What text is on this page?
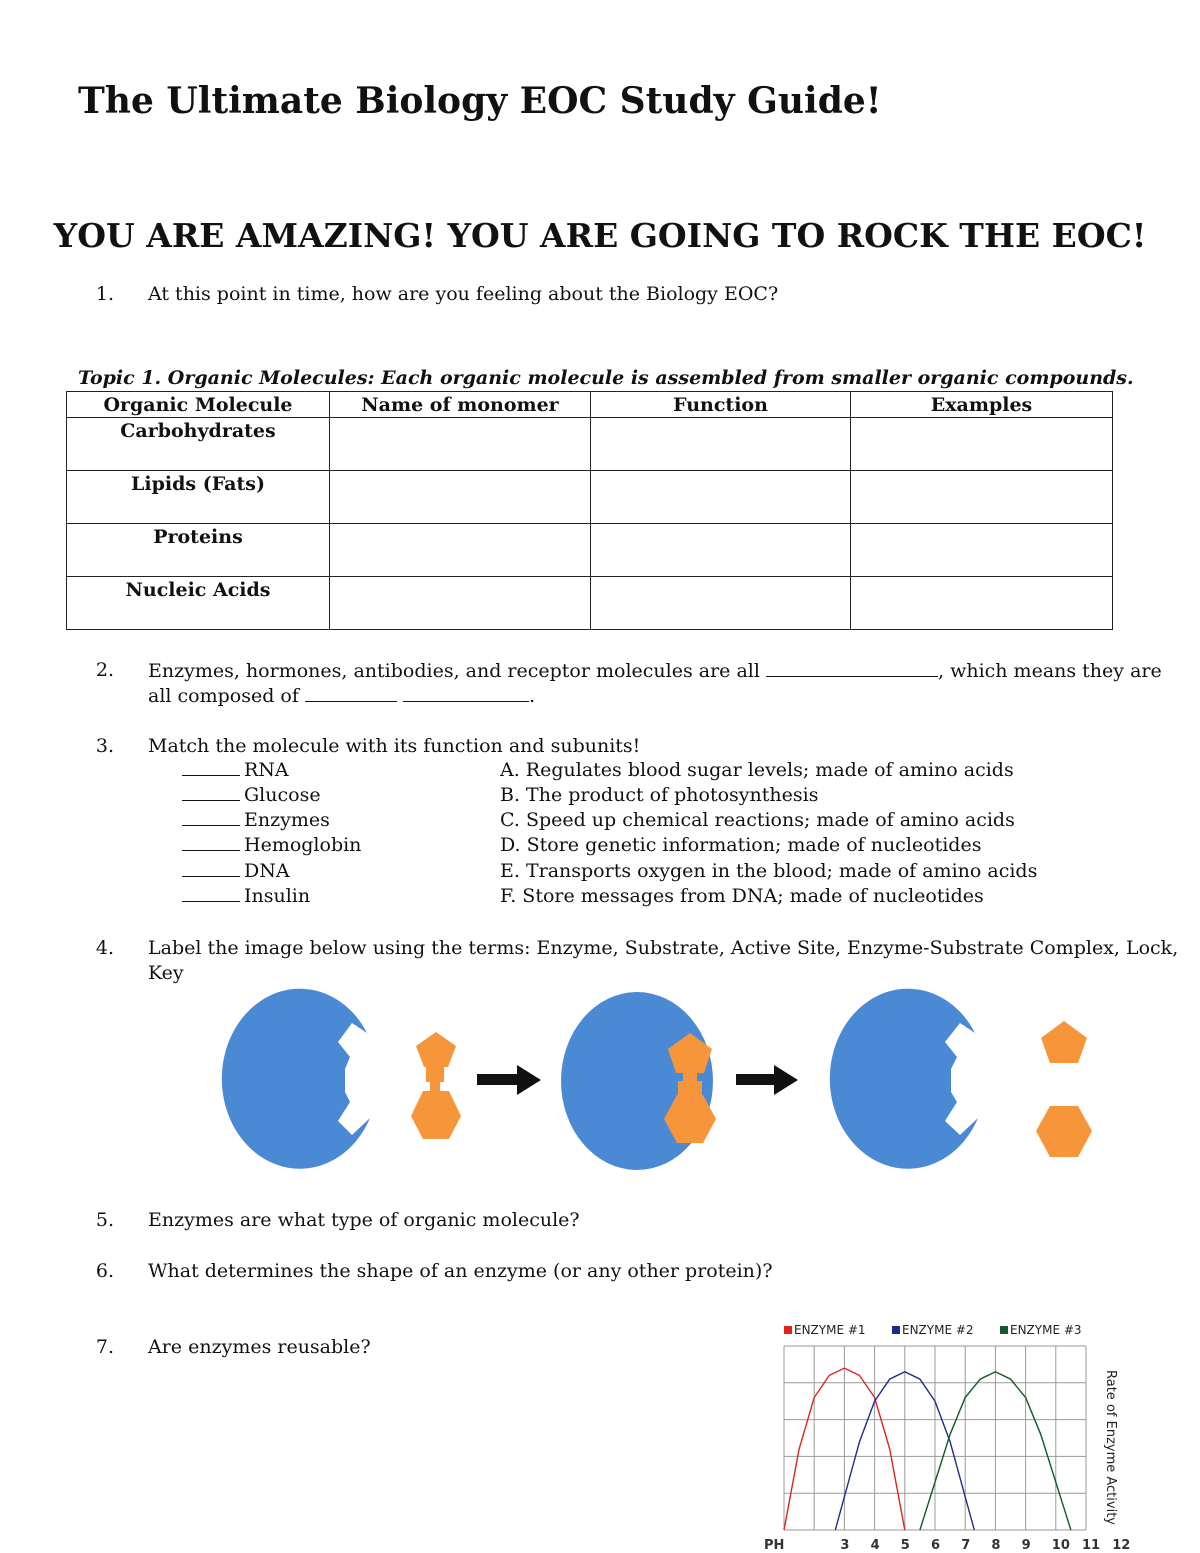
The Ultimate Biology EOC Study Guide!
YOU ARE AMAZING! YOU ARE GOING TO ROCK THE EOC!
1. At this point in time, how are you feeling about the Biology EOC?
Topic 1. Organic Molecules: Each organic molecule is assembled from smaller organic compounds.
Organic Molecule	Name of monomer	Function	Examples
Carbohydrates			
Lipids (Fats)			
Proteins			
Nucleic Acids			
2. Enzymes, hormones, antibodies, and receptor molecules are all	, which means they are
all composed of	.
3. Match the molecule with its function and subunits!
RNA
Glucose
Enzymes
Hemoglobin
DNA
Insulin
A. Regulates blood sugar levels; made of amino acids
B. The product of photosynthesis
C. Speed up chemical reactions; made of amino acids
D. Store genetic information; made of nucleotides
E. Transports oxygen in the blood; made of amino acids
F. Store messages from DNA; made of nucleotides
4. Label the image below using the terms: Enzyme, Substrate, Active Site, Enzyme-Substrate Complex, Lock,
Key
5. Enzymes are what type of organic molecule?
6. What determines the shape of an enzyme (or any other protein)?
7. Are enzymes reusable?
ENZYME #1	ENZYME #2	ENZYME #3
PH	3 4 5 6 7 8 9 10 11 12
Rate of Enzyme Activity
